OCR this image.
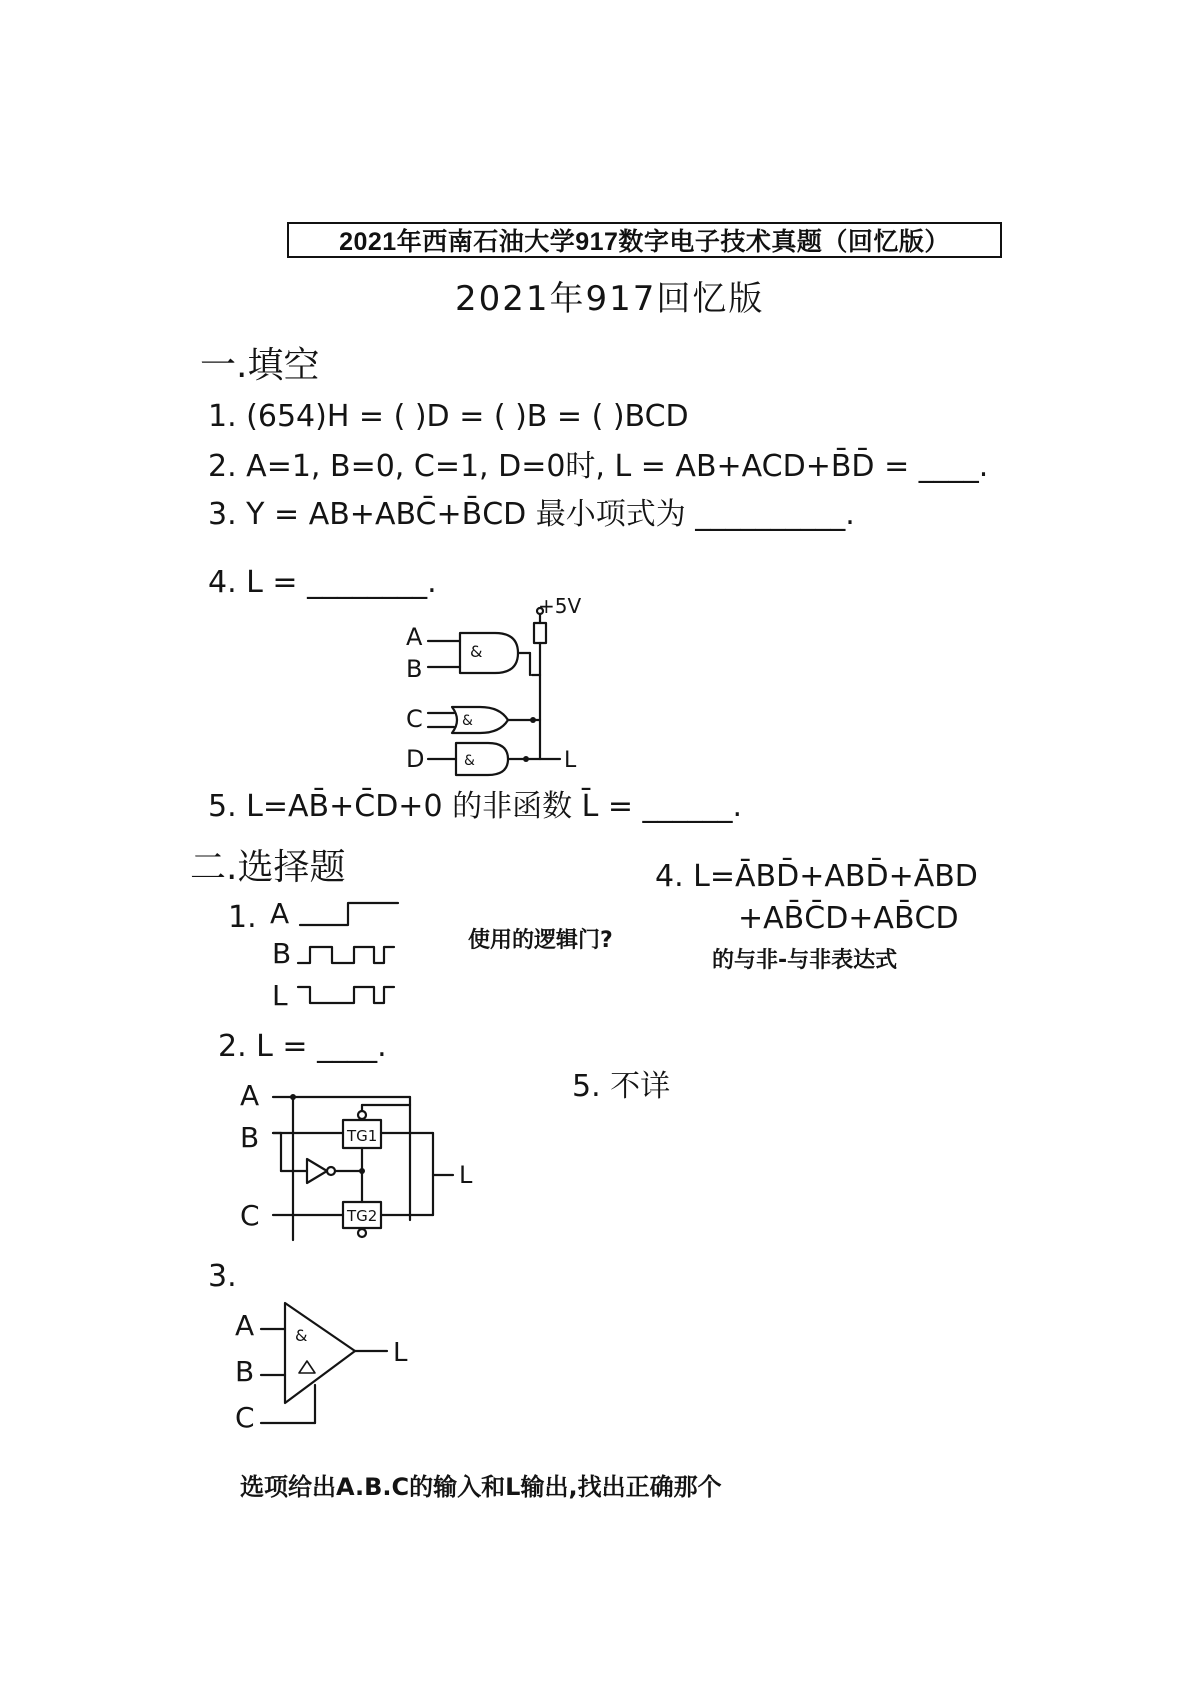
2021年西南石油大学917数字电子技术真题（回忆版）
2021年917回忆版
一.填空
1. (654)H = ( )D = ( )B = ( )BCD
2. A=1, B=0, C=1, D=0时, L = AB+ACD+B̄D̄ = ____.
3. Y = AB+ABC̄+B̄CD 最小项式为 __________.
4. L = ________.
+5V
&
A
B
&
C
&
D	L
5. L=AB̄+C̄D+0 的非函数 L̄ = ______.
二.选择题
1. A
B
L
使用的逻辑门?
4. L=ĀBD̄+ABD̄+ĀBD
+AB̄C̄D+AB̄CD
的与非-与非表达式
2. L = ____.
5. 不详
A
B
C
TG1
TG2
L
3.
A
B
C
&
L
选项给出A.B.C的输入和L输出,找出正确那个
